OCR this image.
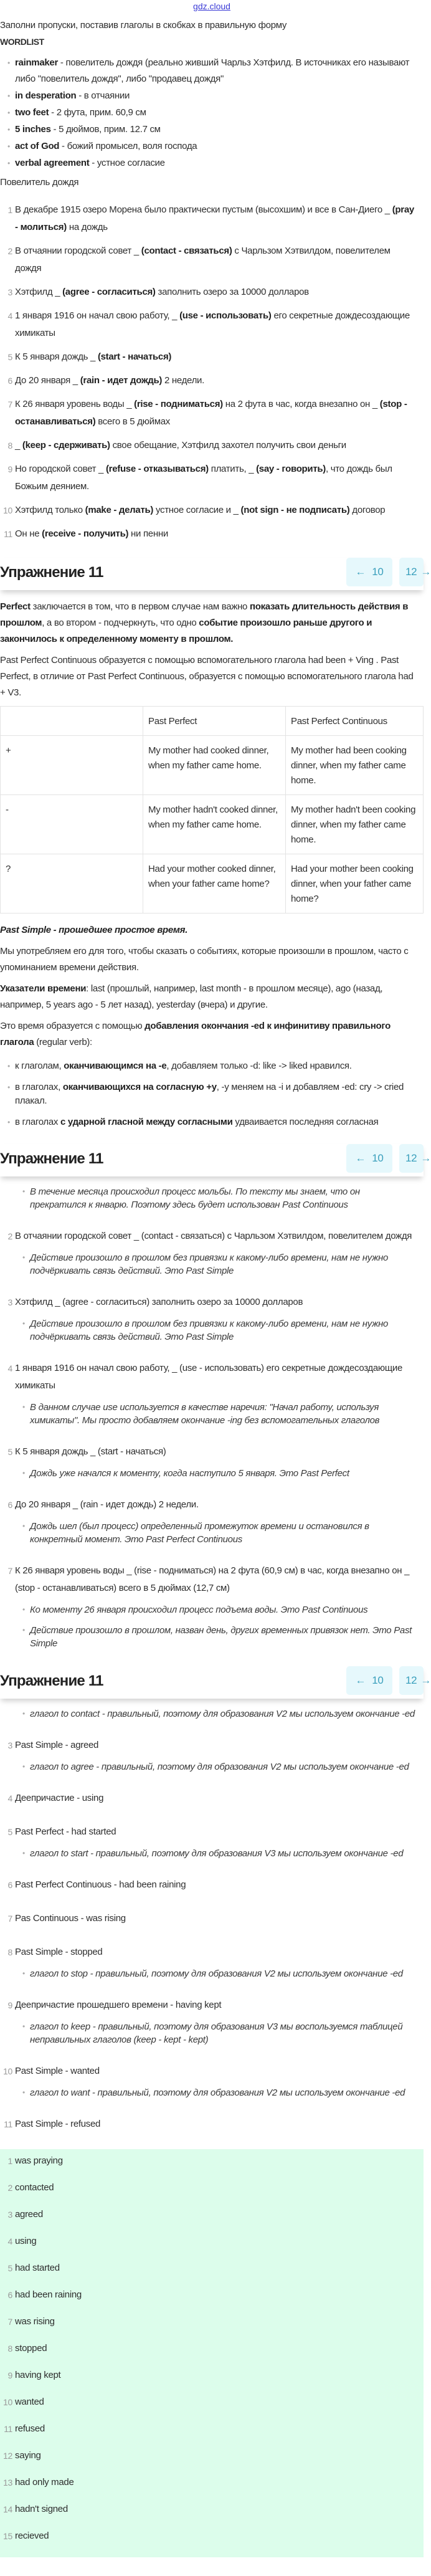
gdz.cloud
Заполни пропуски, поставив глаголы в скобках в правильную форму
WORDLIST
• rainmaker - повелитель дождя (реально живший Чарльз Хэтфилд. В источниках его называют либо "повелитель дождя", либо "продавец дождя"
• in desperation - в отчаянии
• two feet - 2 фута, прим. 60,9 см
• 5 inches - 5 дюймов, прим. 12.7 см
• act of God - божий промысел, воля господа
• verbal agreement - устное согласие
Повелитель дождя
1 В декабре 1915 озеро Морена было практически пустым (высохшим) и все в Сан-Диего _ (pray - молиться) на дождь
2 В отчаянии городской совет _ (contact - связаться) с Чарльзом Хэтвилдом, повелителем дождя
3 Хэтфилд _ (agree - согласиться) заполнить озеро за 10000 долларов
4 1 января 1916 он начал свою работу, _ (use - использовать) его секретные дождесоздающие химикаты
5 К 5 января дождь _ (start - начаться)
6 До 20 января _ (rain - идет дождь) 2 недели.
7 К 26 января уровень воды _ (rise - подниматься) на 2 фута в час, когда внезапно он _ (stop - останавливаться) всего в 5 дюймах
8 _ (keep - сдерживать) свое обещание, Хэтфилд захотел получить свои деньги
9 Но городской совет _ (refuse - отказываться) платить, _ (say - говорить), что дождь был Божьим деянием.
10 Хэтфилд только (make - делать) устное согласие и _ (not sign - не подписать) договор
11 Он не (receive - получить) ни пенни
Упражнение 11	← 10 12 →

Perfect заключается в том, что в первом случае нам важно показать длительность действия в прошлом, а во втором - подчеркнуть, что одно событие произошло раньше другого и закончилось к определенному моменту в прошлом.

Past Perfect Continuous образуется с помощью вспомогательного глагола had been + Ving . Past Perfect, в отличие от Past Perfect Continuous, образуется с помощью вспомогательного глагола had + V3.

	Past Perfect	Past Perfect Continuous
+	My mother had cooked dinner, when my father came home.	My mother had been cooking dinner, when my father came home.
-	My mother hadn't cooked dinner, when my father came home.	My mother hadn't been cooking dinner, when my father came home.
?	Had your mother cooked dinner, when your father came home?	Had your mother been cooking dinner, when your father came home?

Past Simple - прошедшее простое время.

Мы употребляем его для того, чтобы сказать о событиях, которые произошли в прошлом, часто с упоминанием времени действия.

Указатели времени: last (прошлый, например, last month - в прошлом месяце), ago (назад, например, 5 years ago - 5 лет назад), yesterday (вчера) и другие.

Это время образуется с помощью добавления окончания -ed к инфинитиву правильного глагола (regular verb):

• к глаголам, оканчивающимся на -e, добавляем только -d: like -> liked нравился.
• в глаголах, оканчивающихся на согласную +y, -y меняем на -i и добавляем -ed: cry -> cried плакал.
• в глаголах с ударной гласной между согласными удваивается последняя согласная
Упражнение 11	← 10 12 →
• В течение месяца происходил процесс мольбы. По тексту мы знаем, что он прекратился к январю. Поэтому здесь будет использован Past Continuous
2 В отчаянии городской совет _ (contact - связаться) с Чарльзом Хэтвилдом, повелителем дождя
• Действие произошло в прошлом без привязки к какому-либо времени, нам не нужно подчёркивать связь действий. Это Past Simple
3 Хэтфилд _ (agree - согласиться) заполнить озеро за 10000 долларов
• Действие произошло в прошлом без привязки к какому-либо времени, нам не нужно подчёркивать связь действий. Это Past Simple
4 1 января 1916 он начал свою работу, _ (use - использовать) его секретные дождесоздающие химикаты
• В данном случае use используется в качестве наречия: "Начал работу, используя химикаты". Мы просто добавляем окончание -ing без вспомогательных глаголов
5 К 5 января дождь _ (start - начаться)
• Дождь уже начался к моменту, когда наступило 5 января. Это Past Perfect
6 До 20 января _ (rain - идет дождь) 2 недели.
• Дождь шел (был процесс) определенный промежуток времени и остановился в конкретный момент. Это Past Perfect Continuous
7 К 26 января уровень воды _ (rise - подниматься) на 2 фута (60,9 см) в час, когда внезапно он _ (stop - останавливаться) всего в 5 дюймах (12,7 см)
• Ко моменту 26 января происходил процесс подъема воды. Это Past Continuous
• Действие произошло в прошлом, назван день, других временных привязок нет. Это Past Simple
Упражнение 11	← 10 12 →
• глагол to contact - правильный, поэтому для образования V2 мы используем окончание -ed
3 Past Simple - agreed
• глагол to agree - правильный, поэтому для образования V2 мы используем окончание -ed
4 Деепричастие - using
5 Past Perfect - had started
• глагол to start - правильный, поэтому для образования V3 мы используем окончание -ed
6 Past Perfect Continuous - had been raining
7 Pas Continuous - was rising
8 Past Simple - stopped
• глагол to stop - правильный, поэтому для образования V2 мы используем окончание -ed
9 Деепричастие прошедшего времени - having kept
• глагол to keep - правильный, поэтому для образования V3 мы воспользуемся таблицей неправильных глаголов (keep - kept - kept)
10 Past Simple - wanted
• глагол to want - правильный, поэтому для образования V2 мы используем окончание -ed
11 Past Simple - refused
1 was praying
2 contacted
3 agreed
4 using
5 had started
6 had been raining
7 was rising
8 stopped
9 having kept
10 wanted
11 refused
12 saying
13 had only made
14 hadn't signed
15 recieved
